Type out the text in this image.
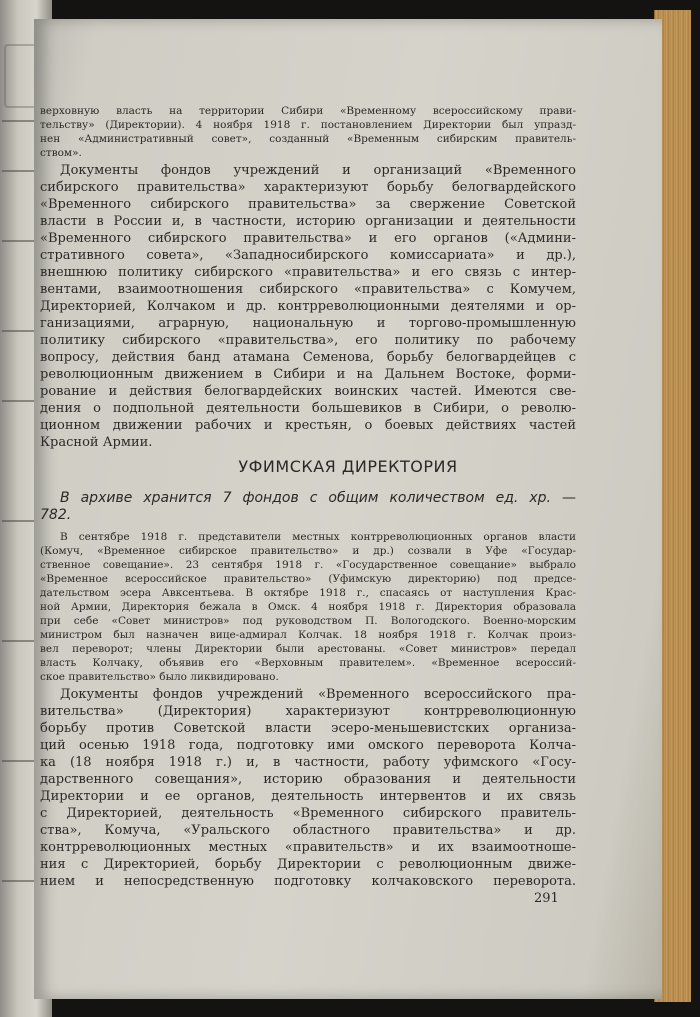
верховную власть на территории Сибири «Временному всероссийскому прави-
тельству» (Директории). 4 ноября 1918 г. постановлением Директории был упразд-
нен «Административный совет», созданный «Временным сибирским правитель-
ством».
Документы фондов учреждений и организаций «Временного
сибирского правительства» характеризуют борьбу белогвардейского
«Временного сибирского правительства» за свержение Советской
власти в России и, в частности, историю организации и деятельности
«Временного сибирского правительства» и его органов («Админи-
стративного совета», «Западносибирского комиссариата» и др.),
внешнюю политику сибирского «правительства» и его связь с интер-
вентами, взаимоотношения сибирского «правительства» с Комучем,
Директорией, Колчаком и др. контрреволюционными деятелями и ор-
ганизациями, аграрную, национальную и торгово-промышленную
политику сибирского «правительства», его политику по рабочему
вопросу, действия банд атамана Семенова, борьбу белогвардейцев с
революционным движением в Сибири и на Дальнем Востоке, форми-
рование и действия белогвардейских воинских частей. Имеются све-
дения о подпольной деятельности большевиков в Сибири, о револю-
ционном движении рабочих и крестьян, о боевых действиях частей
Красной Армии.
УФИМСКАЯ ДИРЕКТОРИЯ
В архиве хранится 7 фондов с общим количеством ед. хр. —
782.
В сентябре 1918 г. представители местных контрреволюционных органов власти
(Комуч, «Временное сибирское правительство» и др.) созвали в Уфе «Государ-
ственное совещание». 23 сентября 1918 г. «Государственное совещание» выбрало
«Временное всероссийское правительство» (Уфимскую директорию) под предсе-
дательством эсера Авксентьева. В октябре 1918 г., спасаясь от наступления Крас-
ной Армии, Директория бежала в Омск. 4 ноября 1918 г. Директория образовала
при себе «Совет министров» под руководством П. Вологодского. Военно-морским
министром был назначен вице-адмирал Колчак. 18 ноября 1918 г. Колчак произ-
вел переворот; члены Директории были арестованы. «Совет министров» передал
власть Колчаку, объявив его «Верховным правителем». «Временное всероссий-
ское правительство» было ликвидировано.
Документы фондов учреждений «Временного всероссийского пра-
вительства» (Директория) характеризуют контрреволюционную
борьбу против Советской власти эсеро-меньшевистских организа-
ций осенью 1918 года, подготовку ими омского переворота Колча-
ка (18 ноября 1918 г.) и, в частности, работу уфимского «Госу-
дарственного совещания», историю образования и деятельности
Директории и ее органов, деятельность интервентов и их связь
с Директорией, деятельность «Временного сибирского правитель-
ства», Комуча, «Уральского областного правительства» и др.
контрреволюционных местных «правительств» и их взаимоотноше-
ния с Директорией, борьбу Директории с революционным движе-
нием и непосредственную подготовку колчаковского переворота.
291
